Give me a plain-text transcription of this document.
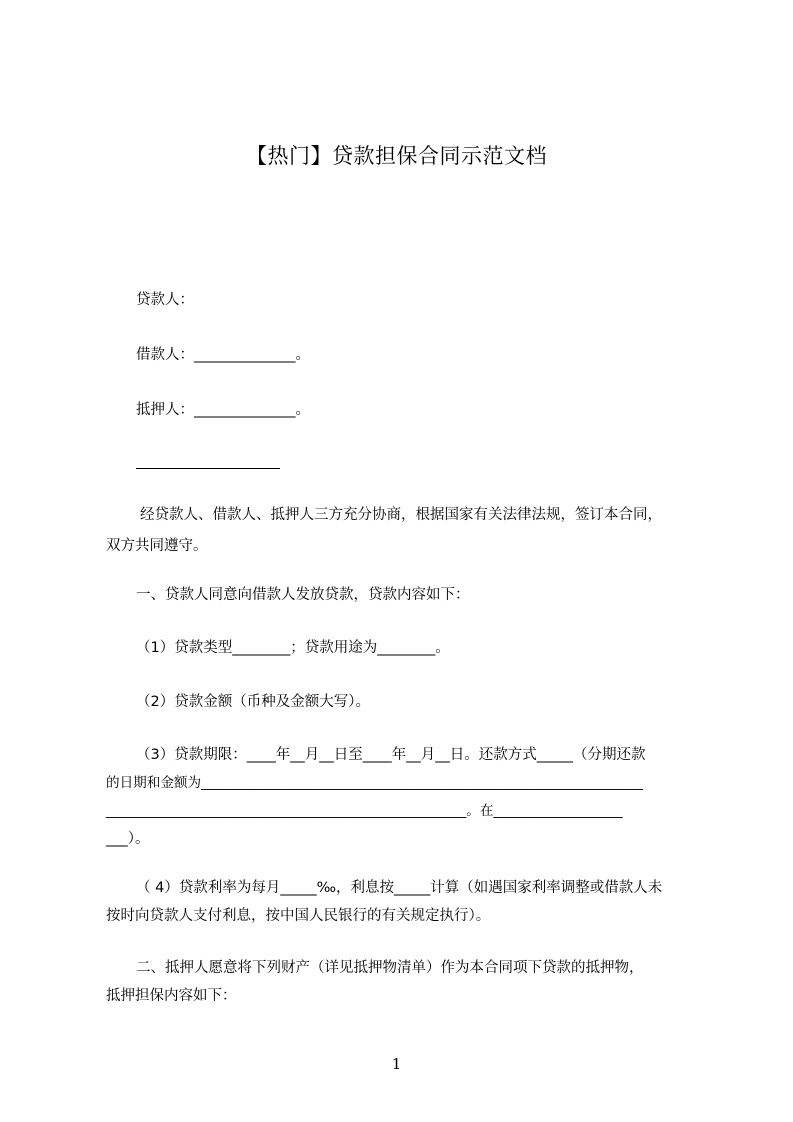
【热门】贷款担保合同示范文档
贷款人：
借款人：______________。
抵押人：______________。
经贷款人、借款人、抵押人三方充分协商，根据国家有关法律法规，签订本合同，
双方共同遵守。
一、贷款人同意向借款人发放贷款，贷款内容如下：
（1）贷款类型________；贷款用途为________。
（2）贷款金额（币种及金额大写）。
（3）贷款期限：____年__月__日至____年__月__日。还款方式_____（分期还款
的日期和金额为_________________________________________________________________
_____________________________________________________。在___________________
___）。
（ 4）贷款利率为每月_____‰，利息按_____计算（如遇国家利率调整或借款人未
按时向贷款人支付利息，按中国人民银行的有关规定执行）。
二、抵押人愿意将下列财产（详见抵押物清单）作为本合同项下贷款的抵押物，
抵押担保内容如下：
1
